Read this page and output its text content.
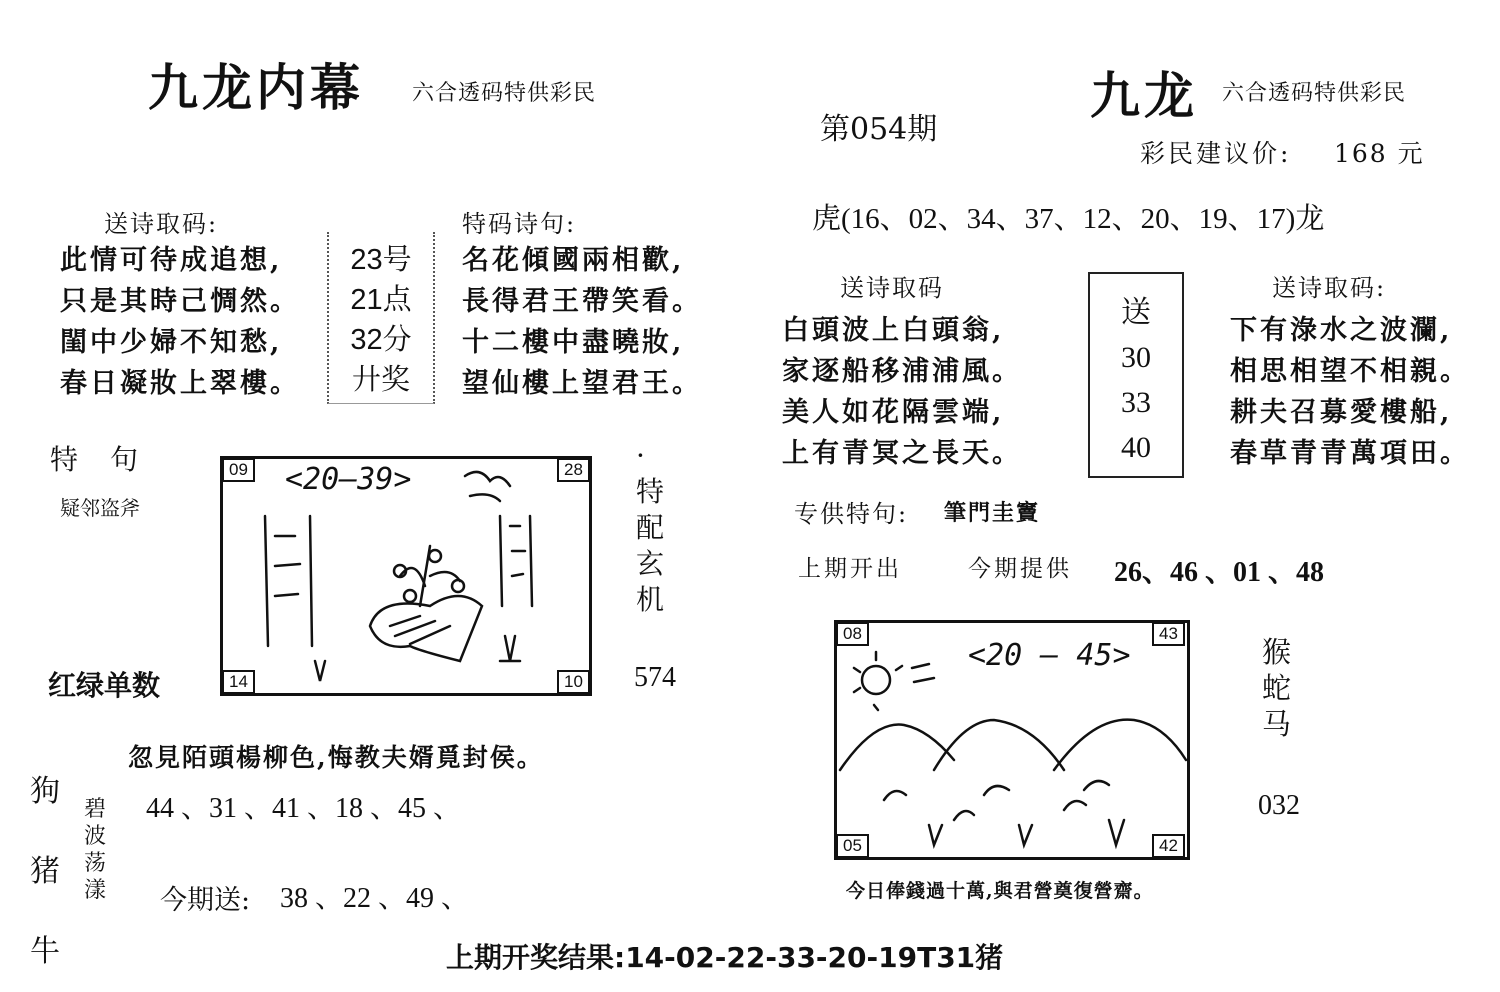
九龙内幕 六合透码特供彩民
送诗取码:
此情可待成追想,
只是其時己惆然。
閨中少婦不知愁,
春日凝妝上翠樓。
23号
21点
32分
廾奖
特码诗句:
名花傾國兩相歡,
長得君王帶笑看。
十二樓中盡曉妝,
望仙樓上望君王。
特　句
疑邻盗斧
09	28
14	10
<20—39>
·
特
配
玄
机
红绿单数	574
忽見陌頭楊柳色,悔教夫婿覓封侯。
狗
猪
牛
碧
波
荡
漾
44 、31 、41 、18 、45 、
今期送: 38 、22 、49 、
第054期
九龙 六合透码特供彩民
彩民建议价: 168 元
虎(16、02、34、37、12、20、19、17)龙
送诗取码
白頭波上白頭翁,
家逐船移浦浦風。
美人如花隔雲端,
上有青冥之長天。
送
30
33
40
送诗取码:
下有淥水之波瀾,
相思相望不相親。
耕夫召募愛樓船,
春草青青萬項田。
专供特句: 筆門圭竇
上期开出	今期提供 26、46 、01 、48
08	43
05	42
<20 — 45>	猴
蛇
马
032
今日俸錢過十萬,與君營奠復營齋。
上期开奖结果:14-02-22-33-20-19T31猪
